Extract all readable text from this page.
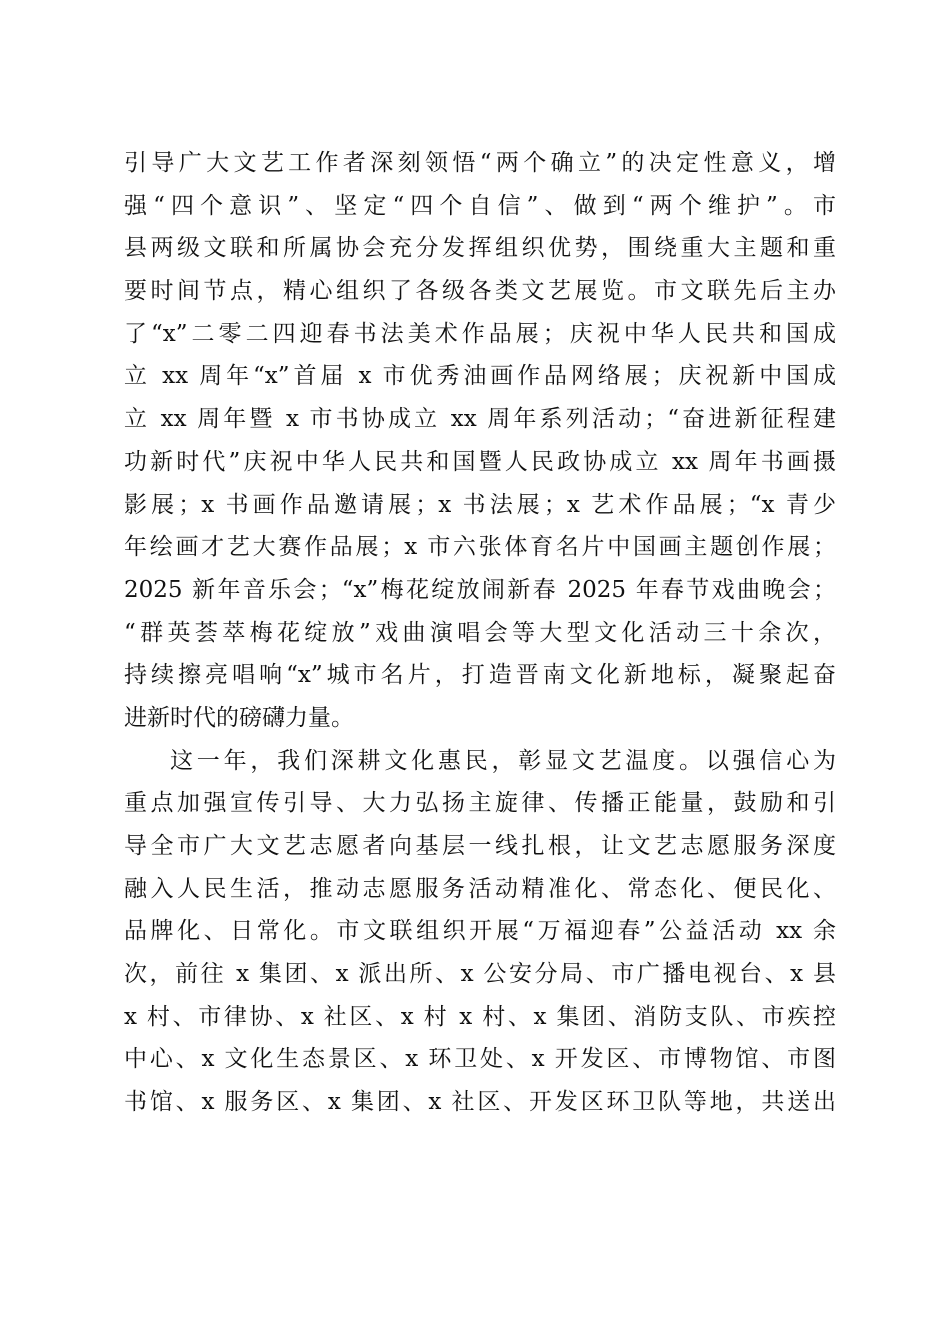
引导广大文艺工作者深刻领悟“两个确立”的决定性意义，增
强“四个意识”、坚定“四个自信”、做到“两个维护”。市
县两级文联和所属协会充分发挥组织优势，围绕重大主题和重
要时间节点，精心组织了各级各类文艺展览。市文联先后主办
了“x”二零二四迎春书法美术作品展；庆祝中华人民共和国成
立 xx 周年“x”首届 x 市优秀油画作品网络展；庆祝新中国成
立 xx 周年暨 x 市书协成立 xx 周年系列活动；“奋进新征程建
功新时代”庆祝中华人民共和国暨人民政协成立 xx 周年书画摄
影展；x 书画作品邀请展；x 书法展；x 艺术作品展；“x 青少
年绘画才艺大赛作品展；x 市六张体育名片中国画主题创作展；
2025 新年音乐会；“x”梅花绽放闹新春 2025 年春节戏曲晚会；
“群英荟萃梅花绽放”戏曲演唱会等大型文化活动三十余次，
持续擦亮唱响“x”城市名片，打造晋南文化新地标，凝聚起奋
进新时代的磅礴力量。
这一年，我们深耕文化惠民，彰显文艺温度。以强信心为
重点加强宣传引导、大力弘扬主旋律、传播正能量，鼓励和引
导全市广大文艺志愿者向基层一线扎根，让文艺志愿服务深度
融入人民生活，推动志愿服务活动精准化、常态化、便民化、
品牌化、日常化。市文联组织开展“万福迎春”公益活动 xx 余
次，前往 x 集团、x 派出所、x 公安分局、市广播电视台、x 县
x 村、市律协、x 社区、x 村 x 村、x 集团、消防支队、市疾控
中心、x 文化生态景区、x 环卫处、x 开发区、市博物馆、市图
书馆、x 服务区、x 集团、x 社区、开发区环卫队等地，共送出
